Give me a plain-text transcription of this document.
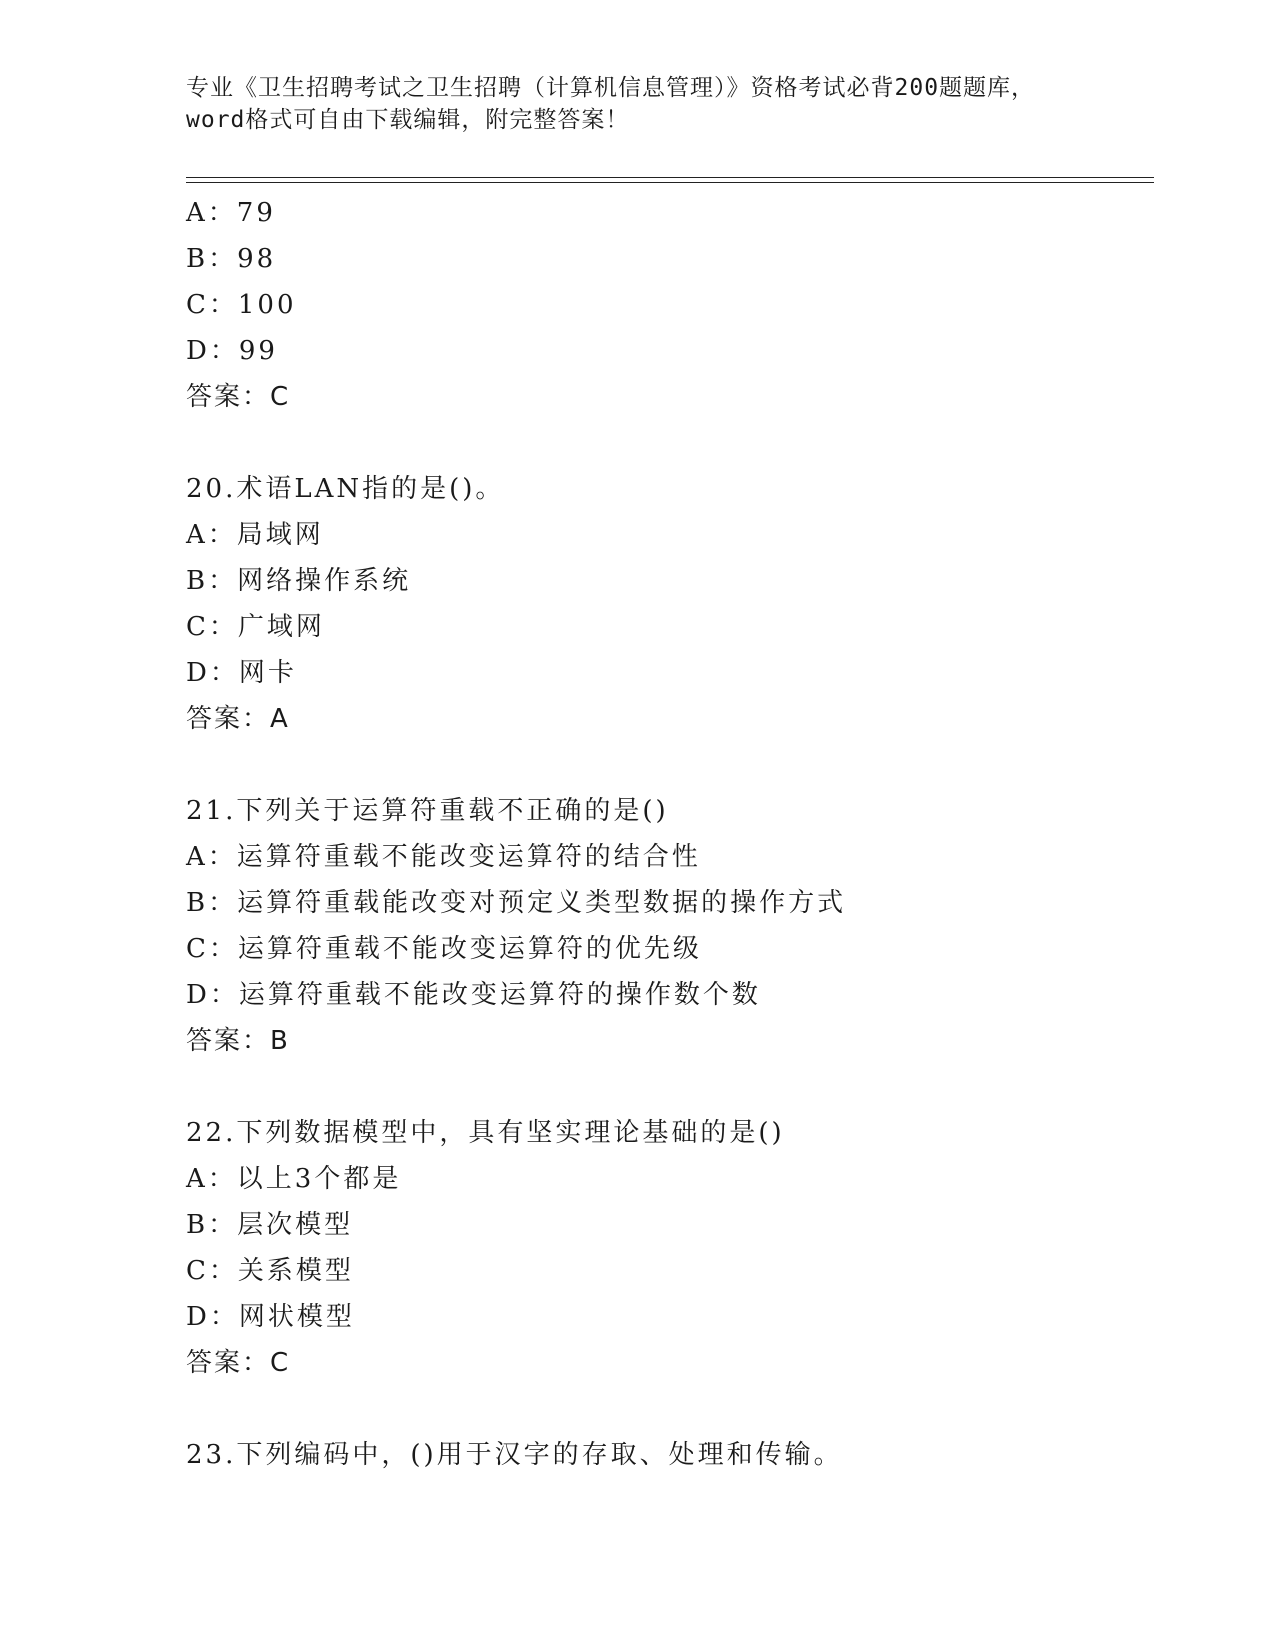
专业《卫生招聘考试之卫生招聘（计算机信息管理）》资格考试必背200题题库，

word格式可自由下载编辑，附完整答案！

A：79
B：98
C：100
D：99
答案：C
20.术语LAN指的是()。
A：局域网
B：网络操作系统
C：广域网
D：网卡
答案：A
21.下列关于运算符重载不正确的是()
A：运算符重载不能改变运算符的结合性
B：运算符重载能改变对预定义类型数据的操作方式
C：运算符重载不能改变运算符的优先级
D：运算符重载不能改变运算符的操作数个数
答案：B
22.下列数据模型中，具有坚实理论基础的是()
A：以上3个都是
B：层次模型
C：关系模型
D：网状模型
答案：C
23.下列编码中，()用于汉字的存取、处理和传输。
